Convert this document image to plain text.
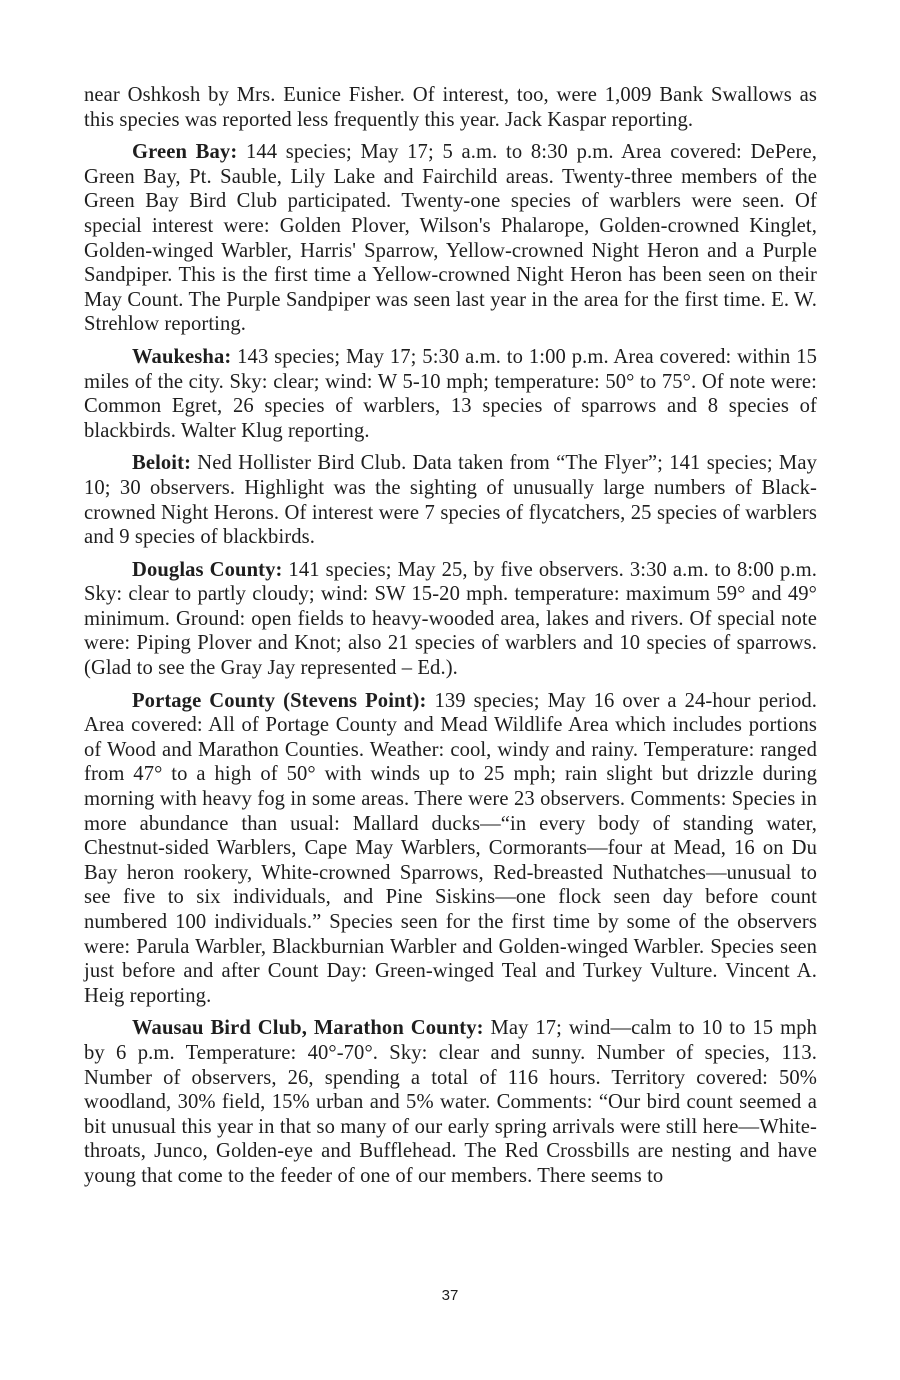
near Oshkosh by Mrs. Eunice Fisher. Of interest, too, were 1,009 Bank Swallows as this species was reported less frequently this year. Jack Kaspar reporting.

Green Bay: 144 species; May 17; 5 a.m. to 8:30 p.m. Area covered: DePere, Green Bay, Pt. Sauble, Lily Lake and Fairchild areas. Twenty-three members of the Green Bay Bird Club participated. Twenty-one species of warblers were seen. Of special interest were: Golden Plover, Wilson's Phalarope, Golden-crowned Kinglet, Golden-winged Warbler, Harris' Sparrow, Yellow-crowned Night Heron and a Purple Sandpiper. This is the first time a Yellow-crowned Night Heron has been seen on their May Count. The Purple Sandpiper was seen last year in the area for the first time. E. W. Strehlow reporting.

Waukesha: 143 species; May 17; 5:30 a.m. to 1:00 p.m. Area covered: within 15 miles of the city. Sky: clear; wind: W 5-10 mph; temperature: 50° to 75°. Of note were: Common Egret, 26 species of warblers, 13 species of sparrows and 8 species of blackbirds. Walter Klug reporting.

Beloit: Ned Hollister Bird Club. Data taken from “The Flyer”; 141 species; May 10; 30 observers. Highlight was the sighting of unusually large numbers of Black-crowned Night Herons. Of interest were 7 species of flycatchers, 25 species of warblers and 9 species of blackbirds.

Douglas County: 141 species; May 25, by five observers. 3:30 a.m. to 8:00 p.m. Sky: clear to partly cloudy; wind: SW 15-20 mph. temperature: maximum 59° and 49° minimum. Ground: open fields to heavy-wooded area, lakes and rivers. Of special note were: Piping Plover and Knot; also 21 species of warblers and 10 species of sparrows. (Glad to see the Gray Jay represented – Ed.).

Portage County (Stevens Point): 139 species; May 16 over a 24-hour period. Area covered: All of Portage County and Mead Wildlife Area which includes portions of Wood and Marathon Counties. Weather: cool, windy and rainy. Temperature: ranged from 47° to a high of 50° with winds up to 25 mph; rain slight but drizzle during morning with heavy fog in some areas. There were 23 observers. Comments: Species in more abundance than usual: Mallard ducks—“in every body of standing water, Chestnut-sided Warblers, Cape May Warblers, Cormorants—four at Mead, 16 on Du Bay heron rookery, White-crowned Sparrows, Red-breasted Nuthatches—unusual to see five to six individuals, and Pine Siskins—one flock seen day before count numbered 100 individuals.” Species seen for the first time by some of the observers were: Parula Warbler, Blackburnian Warbler and Golden-winged Warbler. Species seen just before and after Count Day: Green-winged Teal and Turkey Vulture. Vincent A. Heig reporting.

Wausau Bird Club, Marathon County: May 17; wind—calm to 10 to 15 mph by 6 p.m. Temperature: 40°-70°. Sky: clear and sunny. Number of species, 113. Number of observers, 26, spending a total of 116 hours. Territory covered: 50% woodland, 30% field, 15% urban and 5% water. Comments: “Our bird count seemed a bit unusual this year in that so many of our early spring arrivals were still here—White-throats, Junco, Golden-eye and Bufflehead. The Red Crossbills are nesting and have young that come to the feeder of one of our members. There seems to

37
